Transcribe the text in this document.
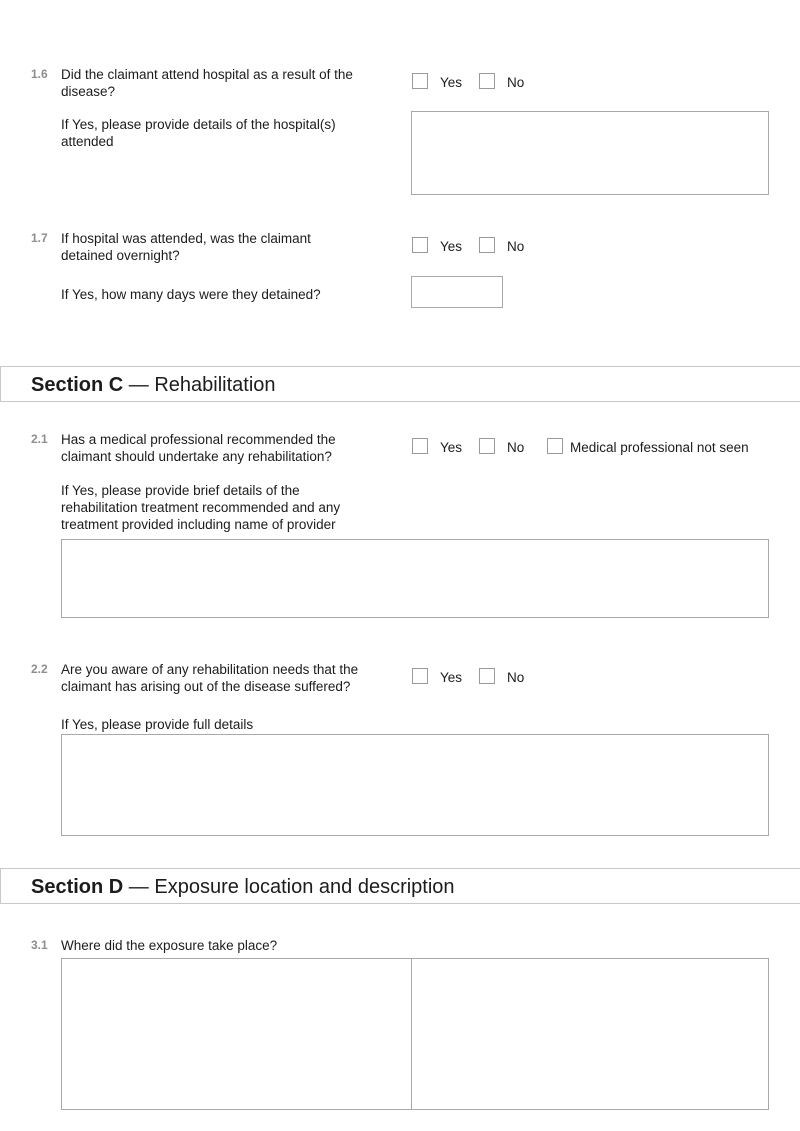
1.6 Did the claimant attend hospital as a result of the disease?
Yes	No
If Yes, please provide details of the hospital(s) attended
1.7 If hospital was attended, was the claimant detained overnight?
Yes	No
If Yes, how many days were they detained?
Section C — Rehabilitation
2.1 Has a medical professional recommended the claimant should undertake any rehabilitation?
Yes	No	Medical professional not seen
If Yes, please provide brief details of the rehabilitation treatment recommended and any treatment provided including name of provider
2.2 Are you aware of any rehabilitation needs that the claimant has arising out of the disease suffered?
Yes	No
If Yes, please provide full details
Section D — Exposure location and description
3.1 Where did the exposure take place?
